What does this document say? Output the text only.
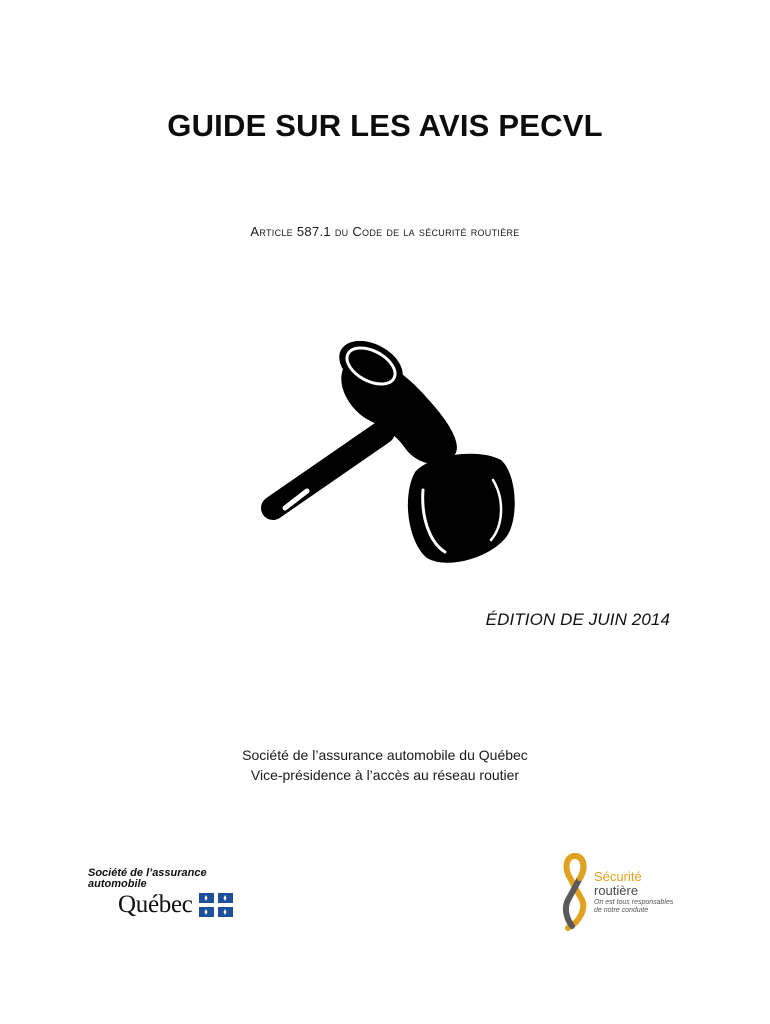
GUIDE SUR LES AVIS PECVL
Article 587.1 du Code de la sécurité routière
ÉDITION DE JUIN 2014
Société de l’assurance automobile du Québec
Vice-présidence à l’accès au réseau routier
Société de l’assurance
automobile
Québec
Sécurité
routière
On est tous responsables
de notre conduite
